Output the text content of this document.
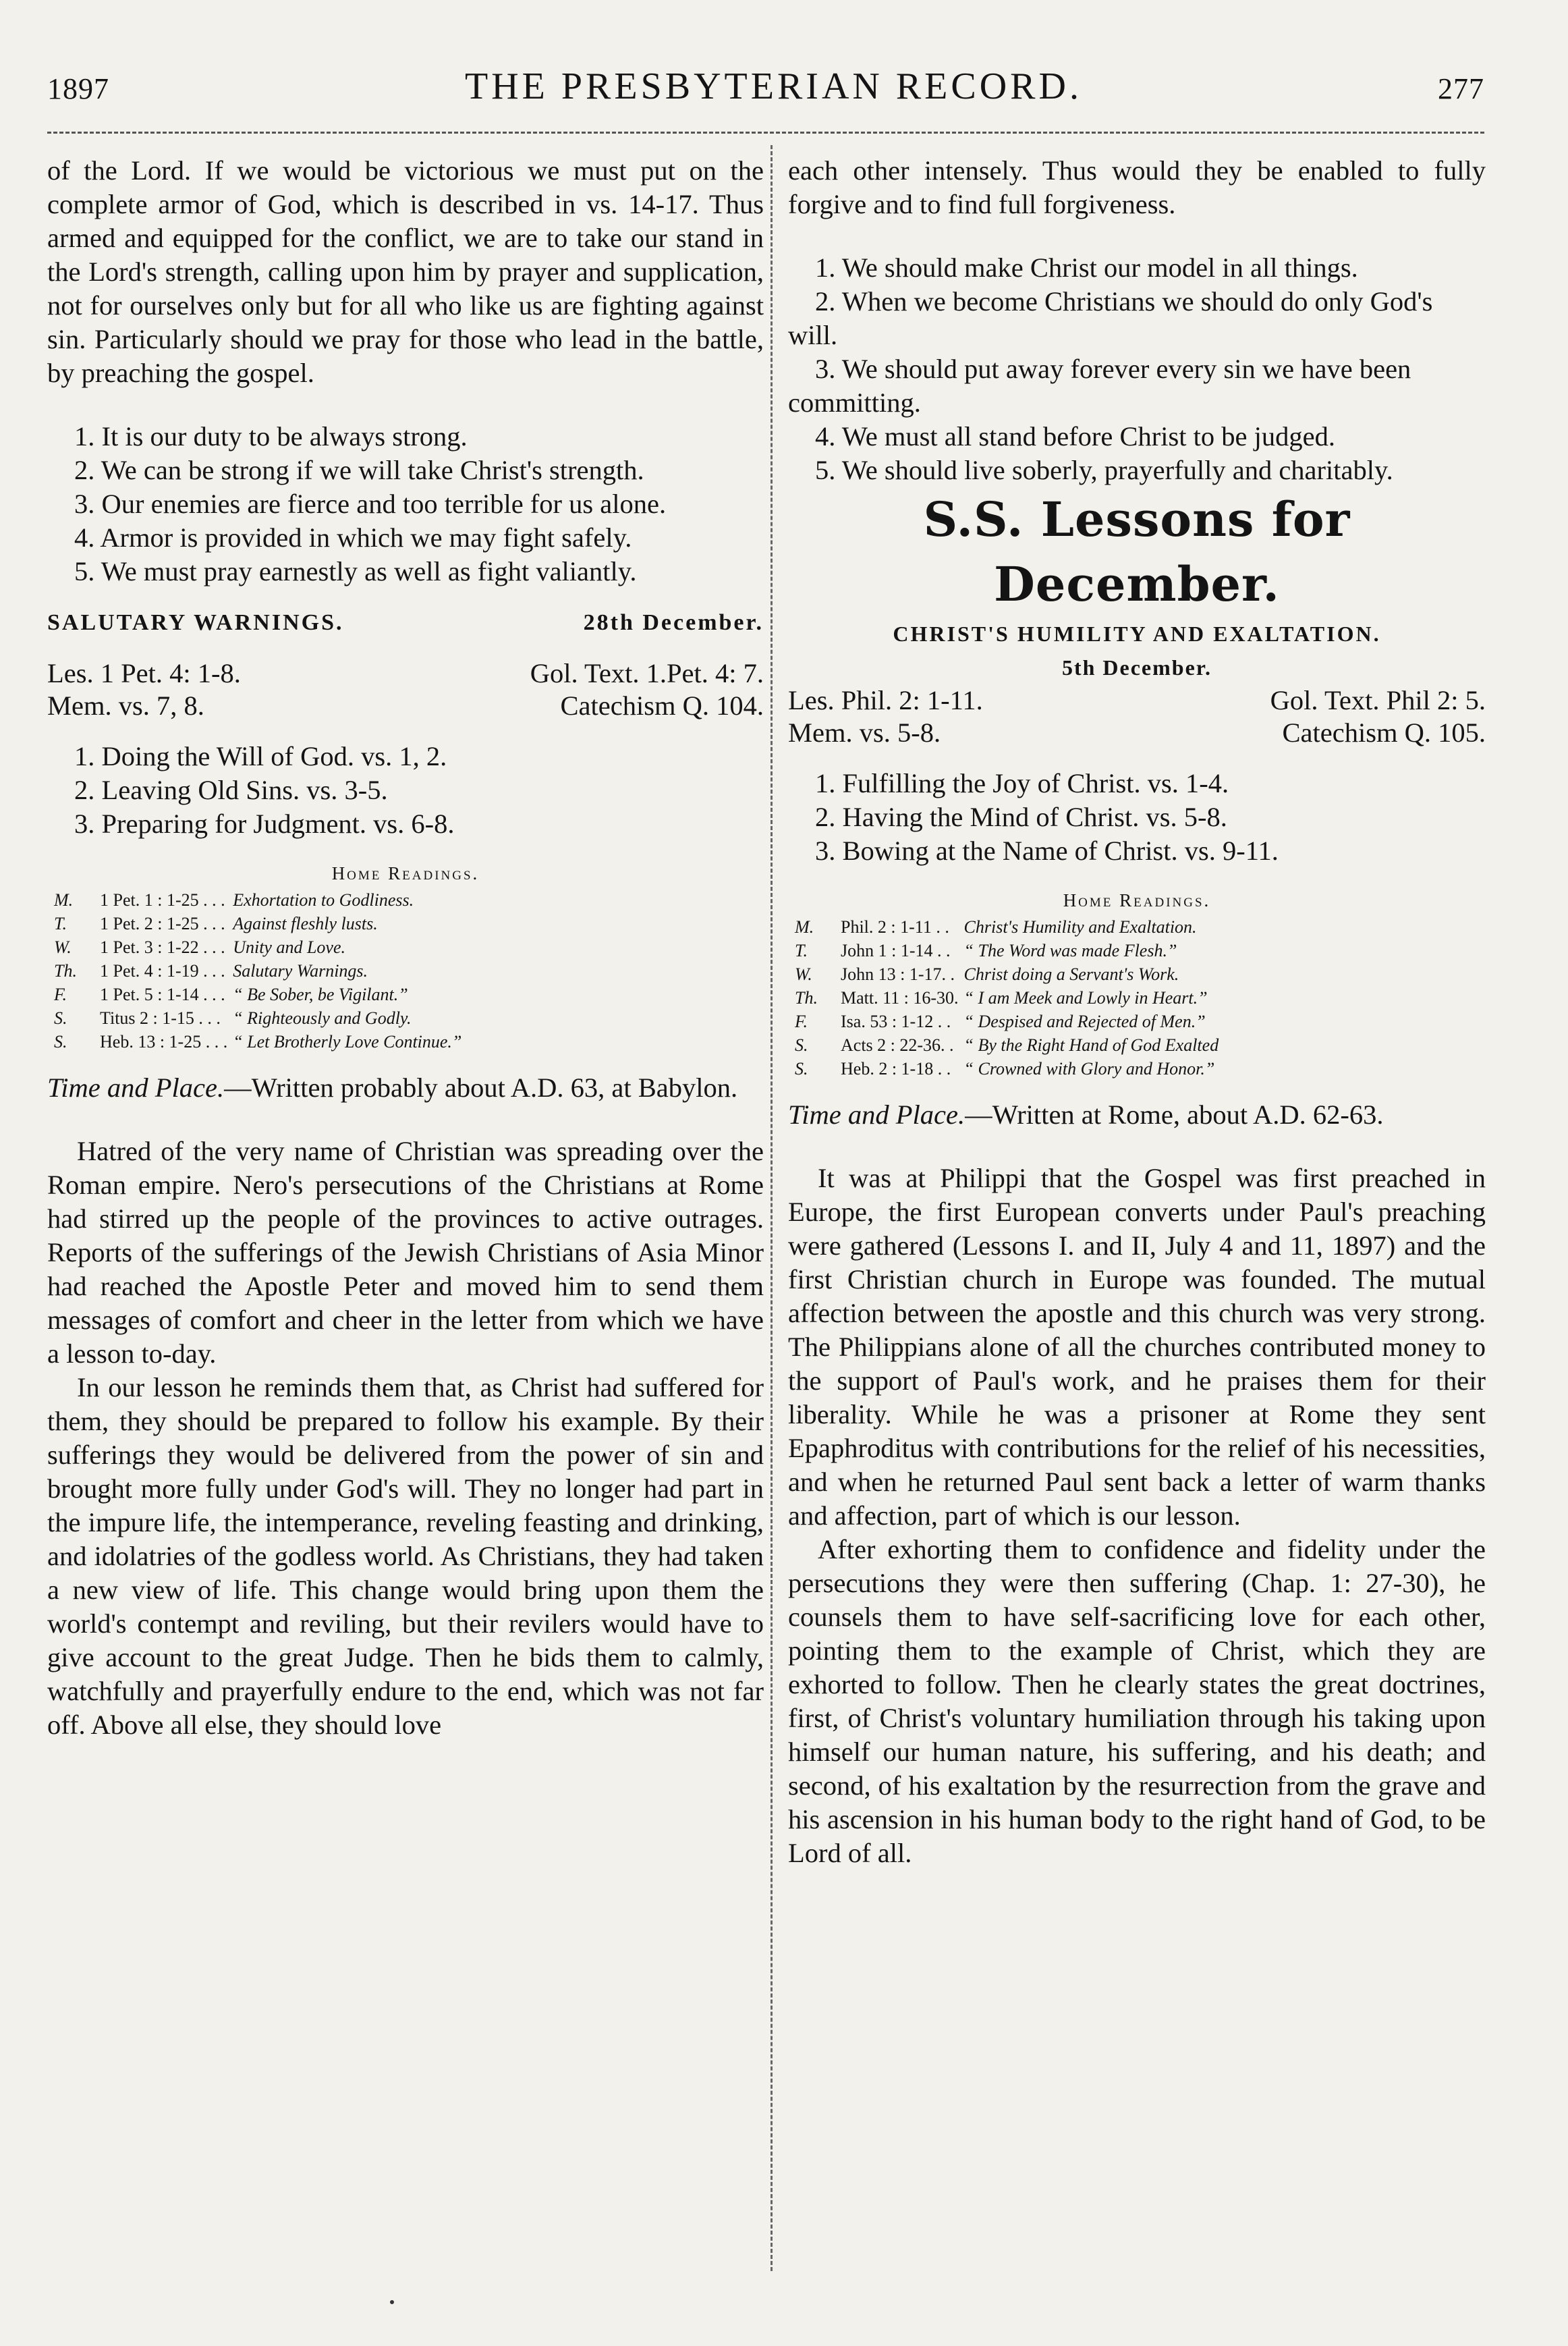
1897	THE PRESBYTERIAN RECORD.	277

of the Lord. If we would be victorious we must put on the complete armor of God, which is described in vs. 14-17. Thus armed and equipped for the conflict, we are to take our stand in the Lord's strength, calling upon him by prayer and supplication, not for ourselves only but for all who like us are fighting against sin. Particularly should we pray for those who lead in the battle, by preaching the gospel.

1. It is our duty to be always strong.
2. We can be strong if we will take Christ's strength.
3. Our enemies are fierce and too terrible for us alone.
4. Armor is provided in which we may fight safely.
5. We must pray earnestly as well as fight valiantly.
SALUTARY WARNINGS.	28th December.
Les. 1 Pet. 4: 1-8.	Gol. Text. 1.Pet. 4: 7.
Mem. vs. 7, 8.	Catechism Q. 104.
1. Doing the Will of God. vs. 1, 2.
2. Leaving Old Sins. vs. 3-5.
3. Preparing for Judgment. vs. 6-8.
Home Readings.
M.	1 Pet. 1 : 1-25 . . .	Exhortation to Godliness.
T.	1 Pet. 2 : 1-25 . . .	Against fleshly lusts.
W.	1 Pet. 3 : 1-22 . . .	Unity and Love.
Th.	1 Pet. 4 : 1-19 . . .	Salutary Warnings.
F.	1 Pet. 5 : 1-14 . . .	“ Be Sober, be Vigilant.”
S.	Titus 2 : 1-15 . . .	“ Righteously and Godly.
S.	Heb. 13 : 1-25 . . .	“ Let Brotherly Love Continue.”

Time and Place.—Written probably about A.D. 63, at Babylon.

Hatred of the very name of Christian was spreading over the Roman empire. Nero's persecutions of the Christians at Rome had stirred up the people of the provinces to active outrages. Reports of the sufferings of the Jewish Christians of Asia Minor had reached the Apostle Peter and moved him to send them messages of comfort and cheer in the letter from which we have a lesson to-day.

In our lesson he reminds them that, as Christ had suffered for them, they should be prepared to follow his example. By their sufferings they would be delivered from the power of sin and brought more fully under God's will. They no longer had part in the impure life, the intemperance, reveling feasting and drinking, and idolatries of the godless world. As Christians, they had taken a new view of life. This change would bring upon them the world's contempt and reviling, but their revilers would have to give account to the great Judge. Then he bids them to calmly, watchfully and prayerfully endure to the end, which was not far off. Above all else, they should love

each other intensely. Thus would they be enabled to fully forgive and to find full forgiveness.

1. We should make Christ our model in all things.
2. When we become Christians we should do only God's will.
3. We should put away forever every sin we have been committing.
4. We must all stand before Christ to be judged.
5. We should live soberly, prayerfully and charitably.
S.S. Lessons for December.
CHRIST'S HUMILITY AND EXALTATION.
5th December.
Les. Phil. 2: 1-11.	Gol. Text. Phil 2: 5.
Mem. vs. 5-8.	Catechism Q. 105.
1. Fulfilling the Joy of Christ. vs. 1-4.
2. Having the Mind of Christ. vs. 5-8.
3. Bowing at the Name of Christ. vs. 9-11.
Home Readings.
M.	Phil. 2 : 1-11 . .	Christ's Humility and Exaltation.
T.	John 1 : 1-14 . .	“ The Word was made Flesh.”
W.	John 13 : 1-17. .	Christ doing a Servant's Work.
Th.	Matt. 11 : 16-30.	“ I am Meek and Lowly in Heart.”
F.	Isa. 53 : 1-12 . .	“ Despised and Rejected of Men.”
S.	Acts 2 : 22-36. .	“ By the Right Hand of God Exalted
S.	Heb. 2 : 1-18 . .	“ Crowned with Glory and Honor.”

Time and Place.—Written at Rome, about A.D. 62-63.

It was at Philippi that the Gospel was first preached in Europe, the first European converts under Paul's preaching were gathered (Lessons I. and II, July 4 and 11, 1897) and the first Christian church in Europe was founded. The mutual affection between the apostle and this church was very strong. The Philippians alone of all the churches contributed money to the support of Paul's work, and he praises them for their liberality. While he was a prisoner at Rome they sent Epaphroditus with contributions for the relief of his necessities, and when he returned Paul sent back a letter of warm thanks and affection, part of which is our lesson.

After exhorting them to confidence and fidelity under the persecutions they were then suffering (Chap. 1: 27-30), he counsels them to have self-sacrificing love for each other, pointing them to the example of Christ, which they are exhorted to follow. Then he clearly states the great doctrines, first, of Christ's voluntary humiliation through his taking upon himself our human nature, his suffering, and his death; and second, of his exaltation by the resurrection from the grave and his ascension in his human body to the right hand of God, to be Lord of all.
